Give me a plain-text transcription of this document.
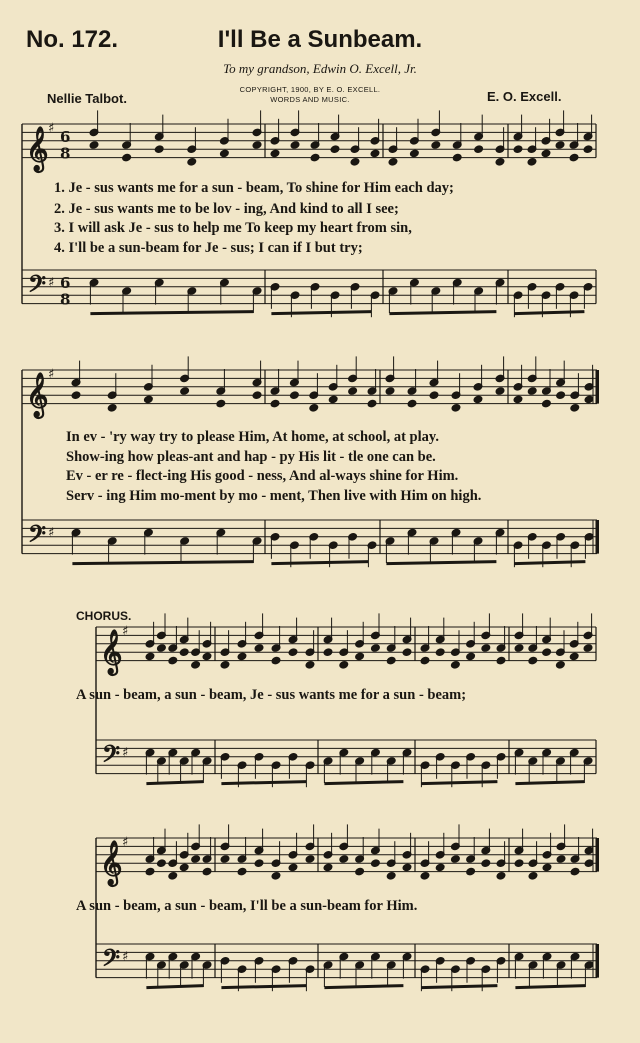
No. 172.	I'll Be a Sunbeam.
To my grandson, Edwin O. Excell, Jr.
Nellie Talbot.	E. O. Excell.
COPYRIGHT, 1900, BY E. O. EXCELL.
WORDS AND MUSIC.
1. Je - sus wants me for a sun - beam, To shine for Him each day;
2. Je - sus wants me to be lov - ing, And kind to all I see;
3. I will ask Je - sus to help me To keep my heart from sin,
4. I'll be a sun-beam for Je - sus; I can if I but try;
In ev - 'ry way try to please Him, At home, at school, at play.
Show-ing how pleas-ant and hap - py His lit - tle one can be.
Ev - er re - flect-ing His good - ness, And al-ways shine for Him.
Serv - ing Him mo-ment by mo - ment, Then live with Him on high.
CHORUS.
A sun - beam, a sun - beam, Je - sus wants me for a sun - beam;
A sun - beam, a sun - beam, I'll be a sun-beam for Him.
𝄞
𝄢
♯
♯
6
8
6
8
𝄞
𝄢
♯
♯
𝄞
𝄢
♯
♯
𝄞
𝄢
♯
♯
